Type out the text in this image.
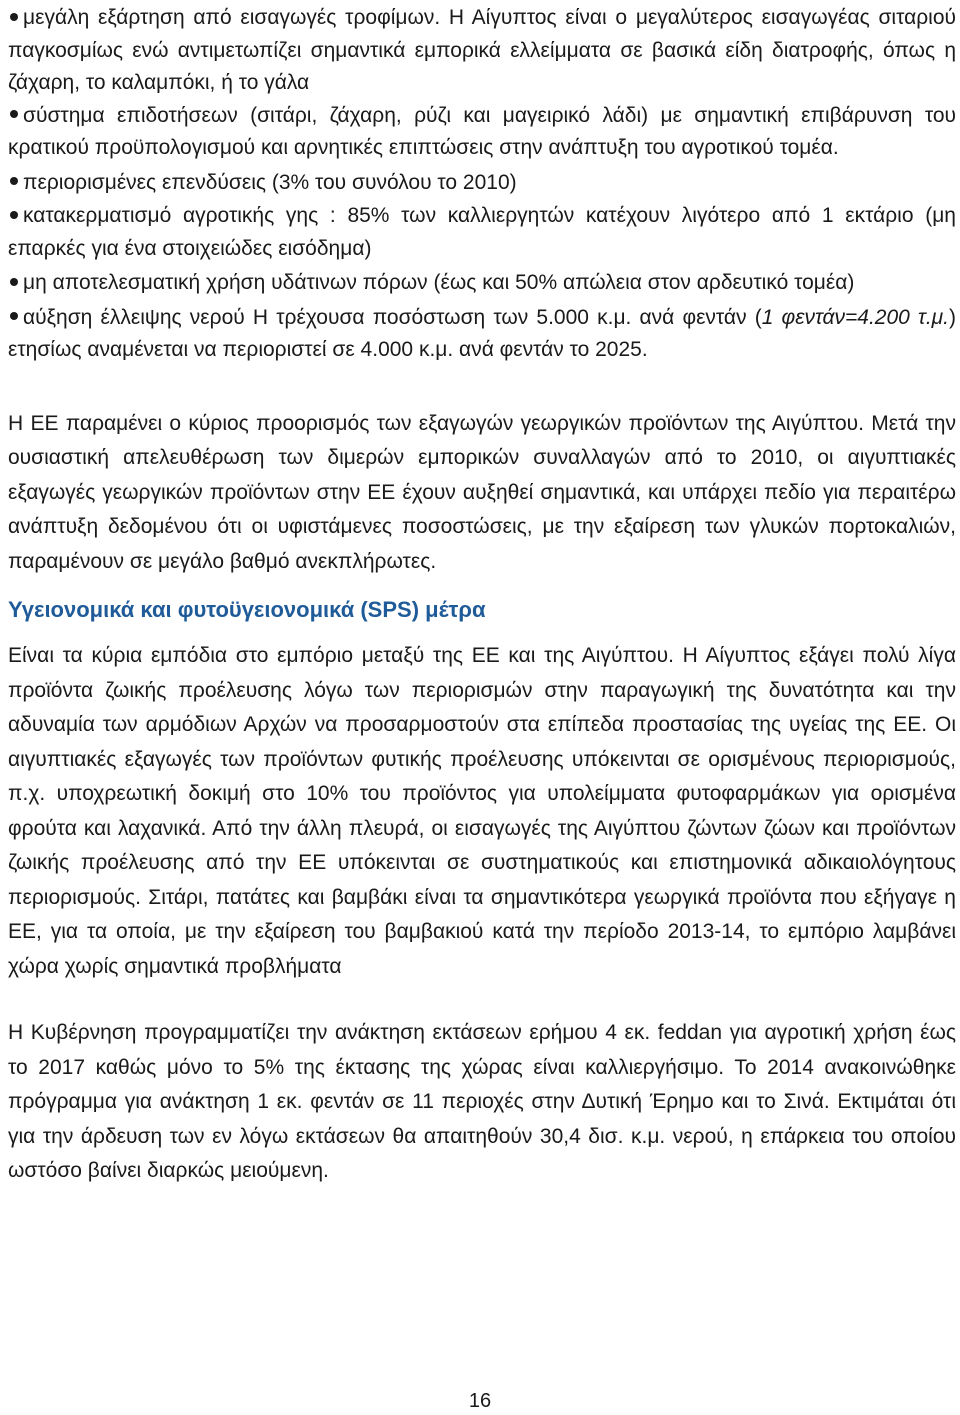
μεγάλη εξάρτηση από εισαγωγές τροφίμων. Η Αίγυπτος είναι ο μεγαλύτερος εισαγωγέας σιταριού παγκοσμίως ενώ αντιμετωπίζει σημαντικά εμπορικά ελλείμματα σε βασικά είδη διατροφής, όπως η ζάχαρη, το καλαμπόκι, ή το γάλα
σύστημα επιδοτήσεων (σιτάρι, ζάχαρη, ρύζι και μαγειρικό λάδι) με σημαντική επιβάρυνση του κρατικού προϋπολογισμού και αρνητικές επιπτώσεις στην ανάπτυξη του αγροτικού τομέα.
περιορισμένες επενδύσεις (3% του συνόλου το 2010)
κατακερματισμό αγροτικής γης : 85% των καλλιεργητών κατέχουν λιγότερο από 1 εκτάριο (μη επαρκές για ένα στοιχειώδες εισόδημα)
μη αποτελεσματική χρήση υδάτινων πόρων (έως και 50% απώλεια στον αρδευτικό τομέα)
αύξηση έλλειψης νερού Η τρέχουσα ποσόστωση των 5.000 κ.μ. ανά φεντάν (1 φεντάν=4.200 τ.μ.) ετησίως αναμένεται να περιοριστεί σε 4.000 κ.μ. ανά φεντάν το 2025.

Η ΕΕ παραμένει ο κύριος προορισμός των εξαγωγών γεωργικών προϊόντων της Αιγύπτου. Μετά την ουσιαστική απελευθέρωση των διμερών εμπορικών συναλλαγών από το 2010, οι αιγυπτιακές εξαγωγές γεωργικών προϊόντων στην ΕΕ έχουν αυξηθεί σημαντικά, και υπάρχει πεδίο για περαιτέρω ανάπτυξη δεδομένου ότι οι υφιστάμενες ποσοστώσεις, με την εξαίρεση των γλυκών πορτοκαλιών, παραμένουν σε μεγάλο βαθμό ανεκπλήρωτες.

Υγειονομικά και φυτοϋγειονομικά (SPS) μέτρα

Είναι τα κύρια εμπόδια στο εμπόριο μεταξύ της ΕΕ και της Αιγύπτου. Η Αίγυπτος εξάγει πολύ λίγα προϊόντα ζωικής προέλευσης λόγω των περιορισμών στην παραγωγική της δυνατότητα και την αδυναμία των αρμόδιων Αρχών να προσαρμοστούν στα επίπεδα προστασίας της υγείας της ΕΕ. Οι αιγυπτιακές εξαγωγές των προϊόντων φυτικής προέλευσης υπόκεινται σε ορισμένους περιορισμούς, π.χ. υποχρεωτική δοκιμή στο 10% του προϊόντος για υπολείμματα φυτοφαρμάκων για ορισμένα φρούτα και λαχανικά. Από την άλλη πλευρά, οι εισαγωγές της Αιγύπτου ζώντων ζώων και προϊόντων ζωικής προέλευσης από την ΕΕ υπόκεινται σε συστηματικούς και επιστημονικά αδικαιολόγητους περιορισμούς. Σιτάρι, πατάτες και βαμβάκι είναι τα σημαντικότερα γεωργικά προϊόντα που εξήγαγε η ΕΕ, για τα οποία, με την εξαίρεση του βαμβακιού κατά την περίοδο 2013-14, το εμπόριο λαμβάνει χώρα χωρίς σημαντικά προβλήματα

Η Κυβέρνηση προγραμματίζει την ανάκτηση εκτάσεων ερήμου 4 εκ. feddan για αγροτική χρήση έως το 2017 καθώς μόνο το 5% της έκτασης της χώρας είναι καλλιεργήσιμο. Το 2014 ανακοινώθηκε πρόγραμμα για ανάκτηση 1 εκ. φεντάν σε 11 περιοχές στην Δυτική Έρημο και το Σινά. Εκτιμάται ότι για την άρδευση των εν λόγω εκτάσεων θα απαιτηθούν 30,4 δισ. κ.μ. νερού, η επάρκεια του οποίου ωστόσο βαίνει διαρκώς μειούμενη.

16
